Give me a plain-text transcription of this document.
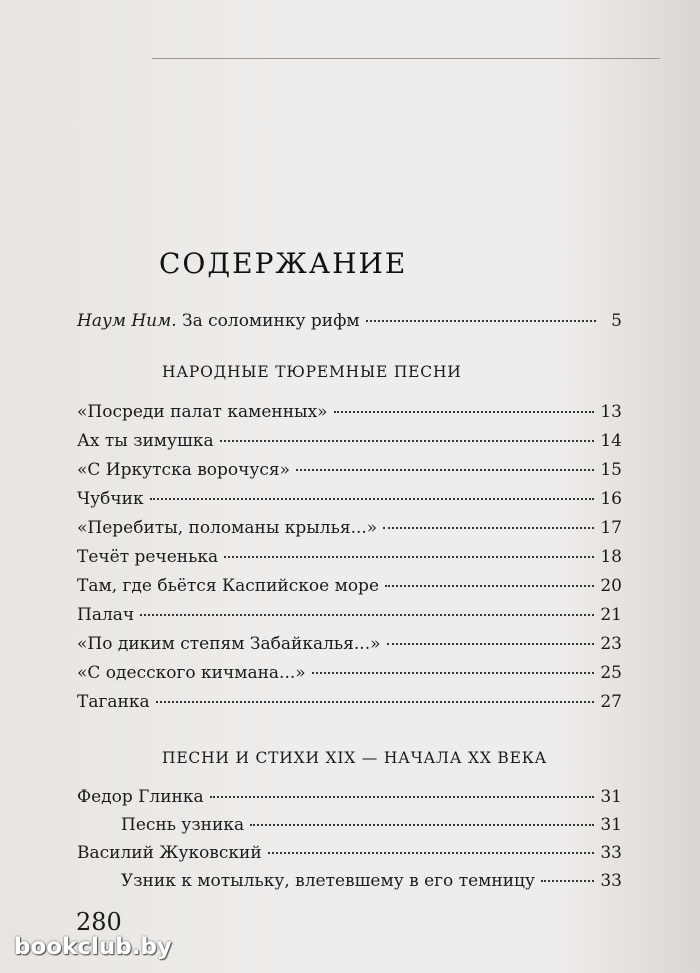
СОДЕРЖАНИЕ
Наум Ним. За соломинку рифм	5
НАРОДНЫЕ ТЮРЕМНЫЕ ПЕСНИ
«Посреди палат каменных»	13
Ах ты зимушка	14
«С Иркутска ворочуся»	15
Чубчик	16
«Перебиты, поломаны крылья...»	17
Течёт реченька	18
Там, где бьётся Каспийское море	20
Палач	21
«По диким степям Забайкалья...»	23
«С одесского кичмана...»	25
Таганка	27
ПЕСНИ И СТИХИ XIX — НАЧАЛА XX ВЕКА
Федор Глинка	31
Песнь узника	31
Василий Жуковский	33
Узник к мотыльку, влетевшему в его темницу	33
280
bookclub.by
